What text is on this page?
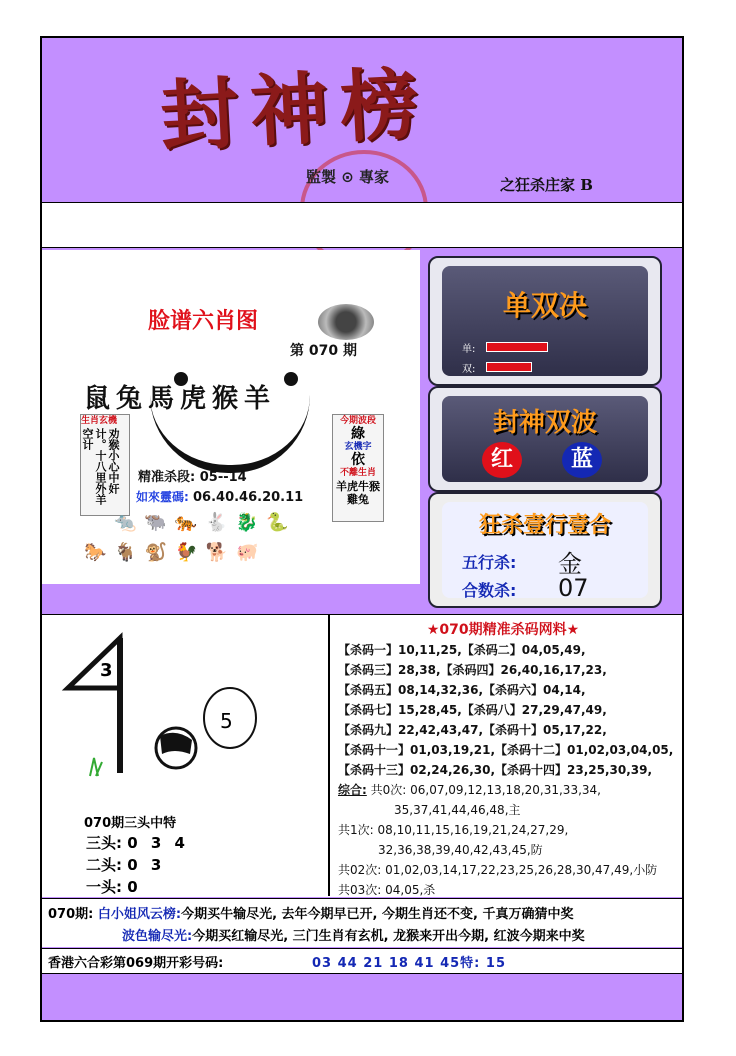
封神榜
監製 ⊙ 專家	之狂杀庄家 B
脸谱六肖图
第 070 期
鼠兔馬虎猴羊
生肖玄機
劝猴小心中奸计。十八里外羊空计
今期波段
綠
玄機字
依
不離生肖
羊虎牛猴雞兔
精准杀段: 05--14
如來靈碼: 06.40.46.20.11
🐀🐃🐅🐇🐉🐍
🐎🐐🐒🐓🐕🐖
单双决
单:
双:
封神双波
红	蓝
狂杀壹行壹合
五行杀: 金
合数杀: 07
3
5
070期三头中特
三头: 0 3 4
二头: 0 3
一头: 0
★070期精准杀码网料★
【杀码一】10,11,25,【杀码二】04,05,49,
【杀码三】28,38,【杀码四】26,40,16,17,23,
【杀码五】08,14,32,36,【杀码六】04,14,
【杀码七】15,28,45,【杀码八】27,29,47,49,
【杀码九】22,42,43,47,【杀码十】05,17,22,
【杀码十一】01,03,19,21,【杀码十二】01,02,03,04,05,
【杀码十三】02,24,26,30,【杀码十四】23,25,30,39,
综合: 共0次: 06,07,09,12,13,18,20,31,33,34,
35,37,41,44,46,48,主
共1次: 08,10,11,15,16,19,21,24,27,29,
32,36,38,39,40,42,43,45,防
共02次: 01,02,03,14,17,22,23,25,26,28,30,47,49,小防
共03次: 04,05,杀
070期: 白小姐风云榜:今期买牛输尽光, 去年今期早已开, 今期生肖还不变, 千真万确猜中奖
波色输尽光:今期买红输尽光, 三门生肖有玄机, 龙猴来开出今期, 红波今期来中奖
香港六合彩第069期开彩号码:	03 44 21 18 41 45特: 15
